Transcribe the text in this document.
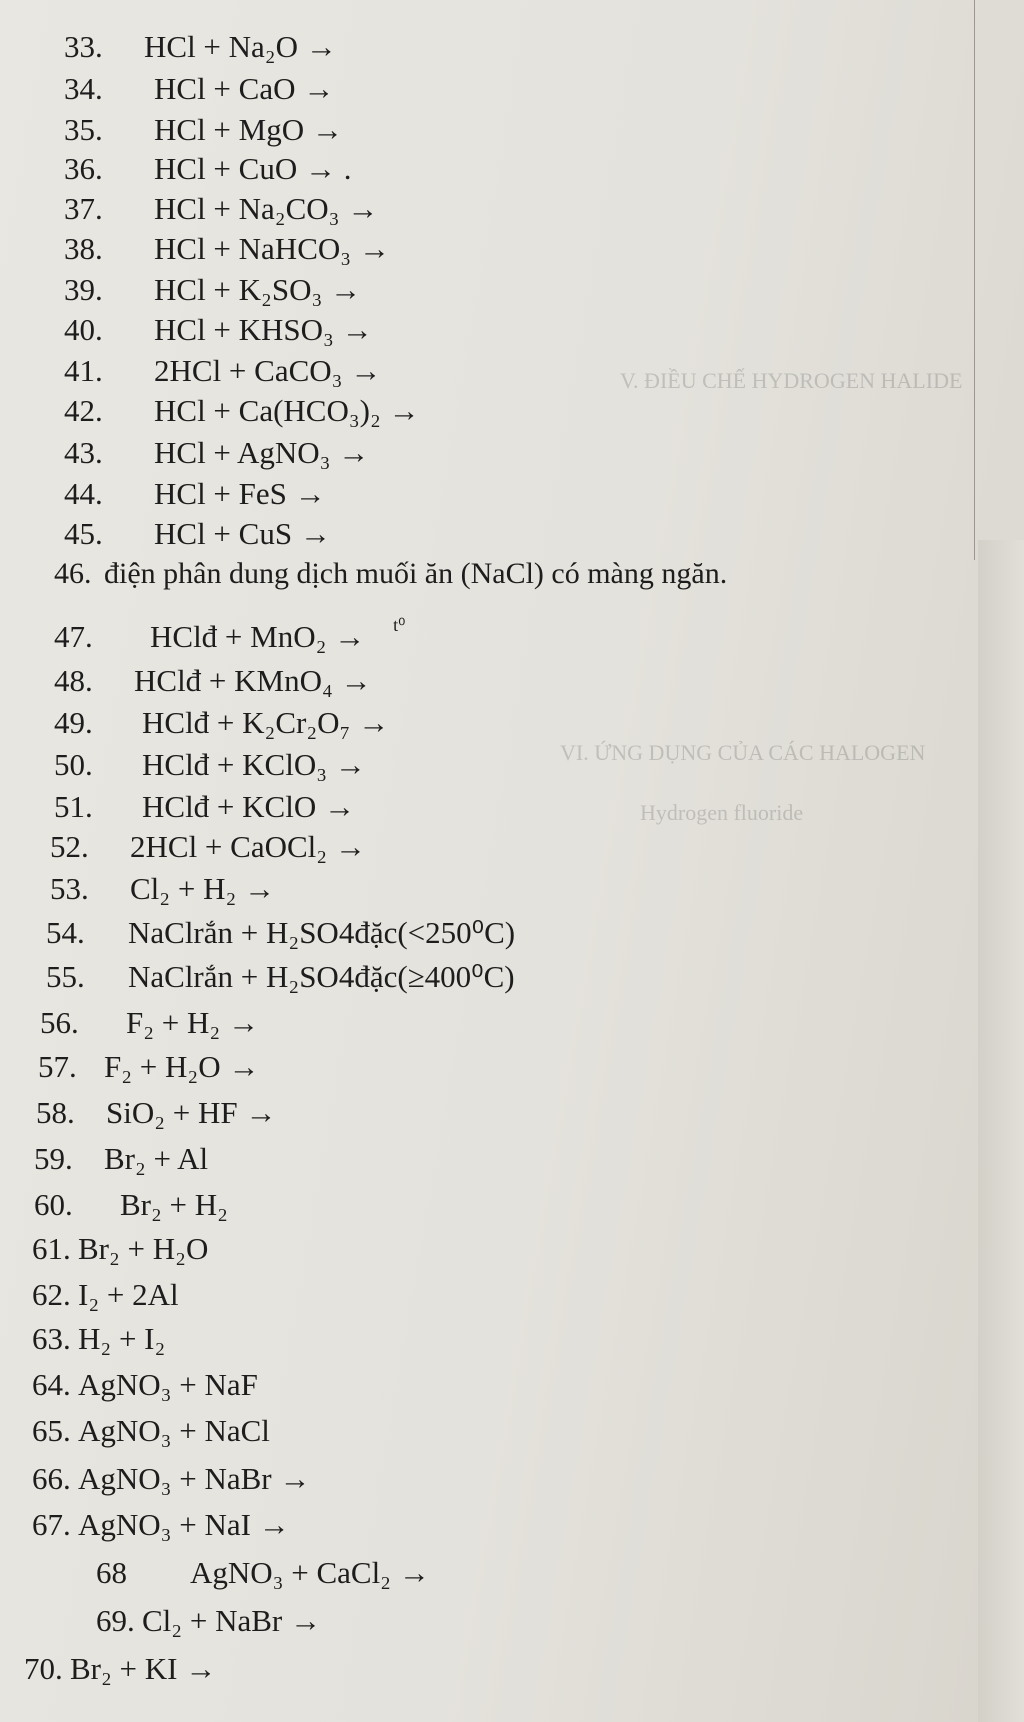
V. ĐIỀU CHẾ HYDROGEN HALIDE
VI. ỨNG DỤNG CỦA CÁC HALOGEN
Hydrogen fluoride
33. HCl + Na₂O →
34. HCl + CaO →
35. HCl + MgO →
36. HCl + CuO → .
37. HCl + Na₂CO₃ →
38. HCl + NaHCO₃ →
39. HCl + K₂SO₃ →
40. HCl + KHSO₃ →
41. 2HCl + CaCO₃ →
42. HCl + Ca(HCO₃)₂ →
43. HCl + AgNO₃ →
44. HCl + FeS →
45. HCl + CuS →
46. điện phân dung dịch muối ăn (NaCl) có màng ngăn.
47. HClđ + MnO₂ → $^{t^0}$
48. HClđ + KMnO₄ →
49. HClđ + K₂Cr₂O₇ →
50. HClđ + KClO₃ →
51. HClđ + KClO →
52. 2HCl + CaOCl₂ →
53. Cl₂ + H₂ →
54. NaClrắn + H₂SO4đặc(<250⁰C)
55. NaClrắn + H₂SO4đặc(≥400⁰C)
56. F₂ + H₂ →
57. F₂ + H₂O →
58. SiO₂ + HF →
59. Br₂ + Al
60. Br₂ + H₂
61. Br₂ + H₂O
62. I₂ + 2Al
63. H₂ + I₂
64. AgNO₃ + NaF
65. AgNO₃ + NaCl
66. AgNO₃ + NaBr →
67. AgNO₃ + NaI →
68 AgNO₃ + CaCl₂ →
69. Cl₂ + NaBr →
70. Br₂ + KI →
